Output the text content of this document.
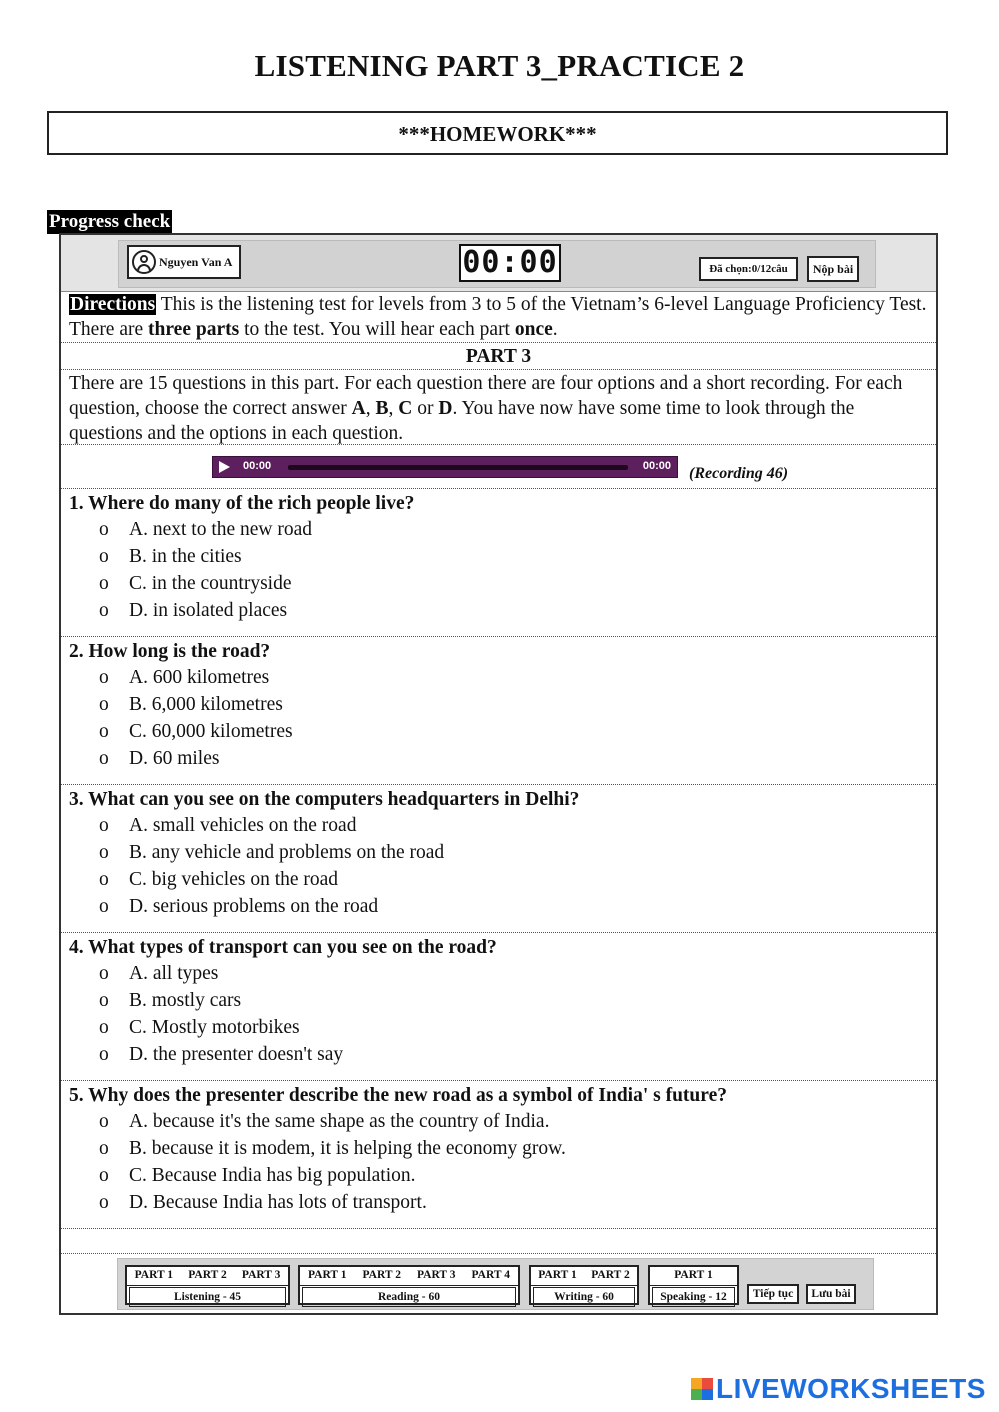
LISTENING PART 3_PRACTICE 2
***HOMEWORK***
Progress check
Nguyen Van A	00:00	Đã chọn:0/12câu	Nộp bài
Directions This is the listening test for levels from 3 to 5 of the Vietnam’s 6-level Language Proficiency Test. There are three parts to the test. You will hear each part once.
PART 3
There are 15 questions in this part. For each question there are four options and a short recording. For each question, choose the correct answer A, B, C or D. You have now have some time to look through the questions and the options in each question.
00:00	00:00 (Recording 46)
1. Where do many of the rich people live?
o A. next to the new road
o B. in the cities
o C. in the countryside
o D. in isolated places
2. How long is the road?
o A. 600 kilometres
o B. 6,000 kilometres
o C. 60,000 kilometres
o D. 60 miles
3. What can you see on the computers headquarters in Delhi?
o A. small vehicles on the road
o B. any vehicle and problems on the road
o C. big vehicles on the road
o D. serious problems on the road
4. What types of transport can you see on the road?
o A. all types
o B. mostly cars
o C. Mostly motorbikes
o D. the presenter doesn't say
5. Why does the presenter describe the new road as a symbol of India' s future?
o A. because it's the same shape as the country of India.
o B. because it is modem, it is helping the economy grow.
o C. Because India has big population.
o D. Because India has lots of transport.
PART 1 PART 2 PART 3
Listening - 45
PART 1 PART 2 PART 3 PART 4
Reading - 60
PART 1 PART 2
Writing - 60
PART 1
Speaking - 12	Tiếp tục	Lưu bài
LIVEWORKSHEETS
